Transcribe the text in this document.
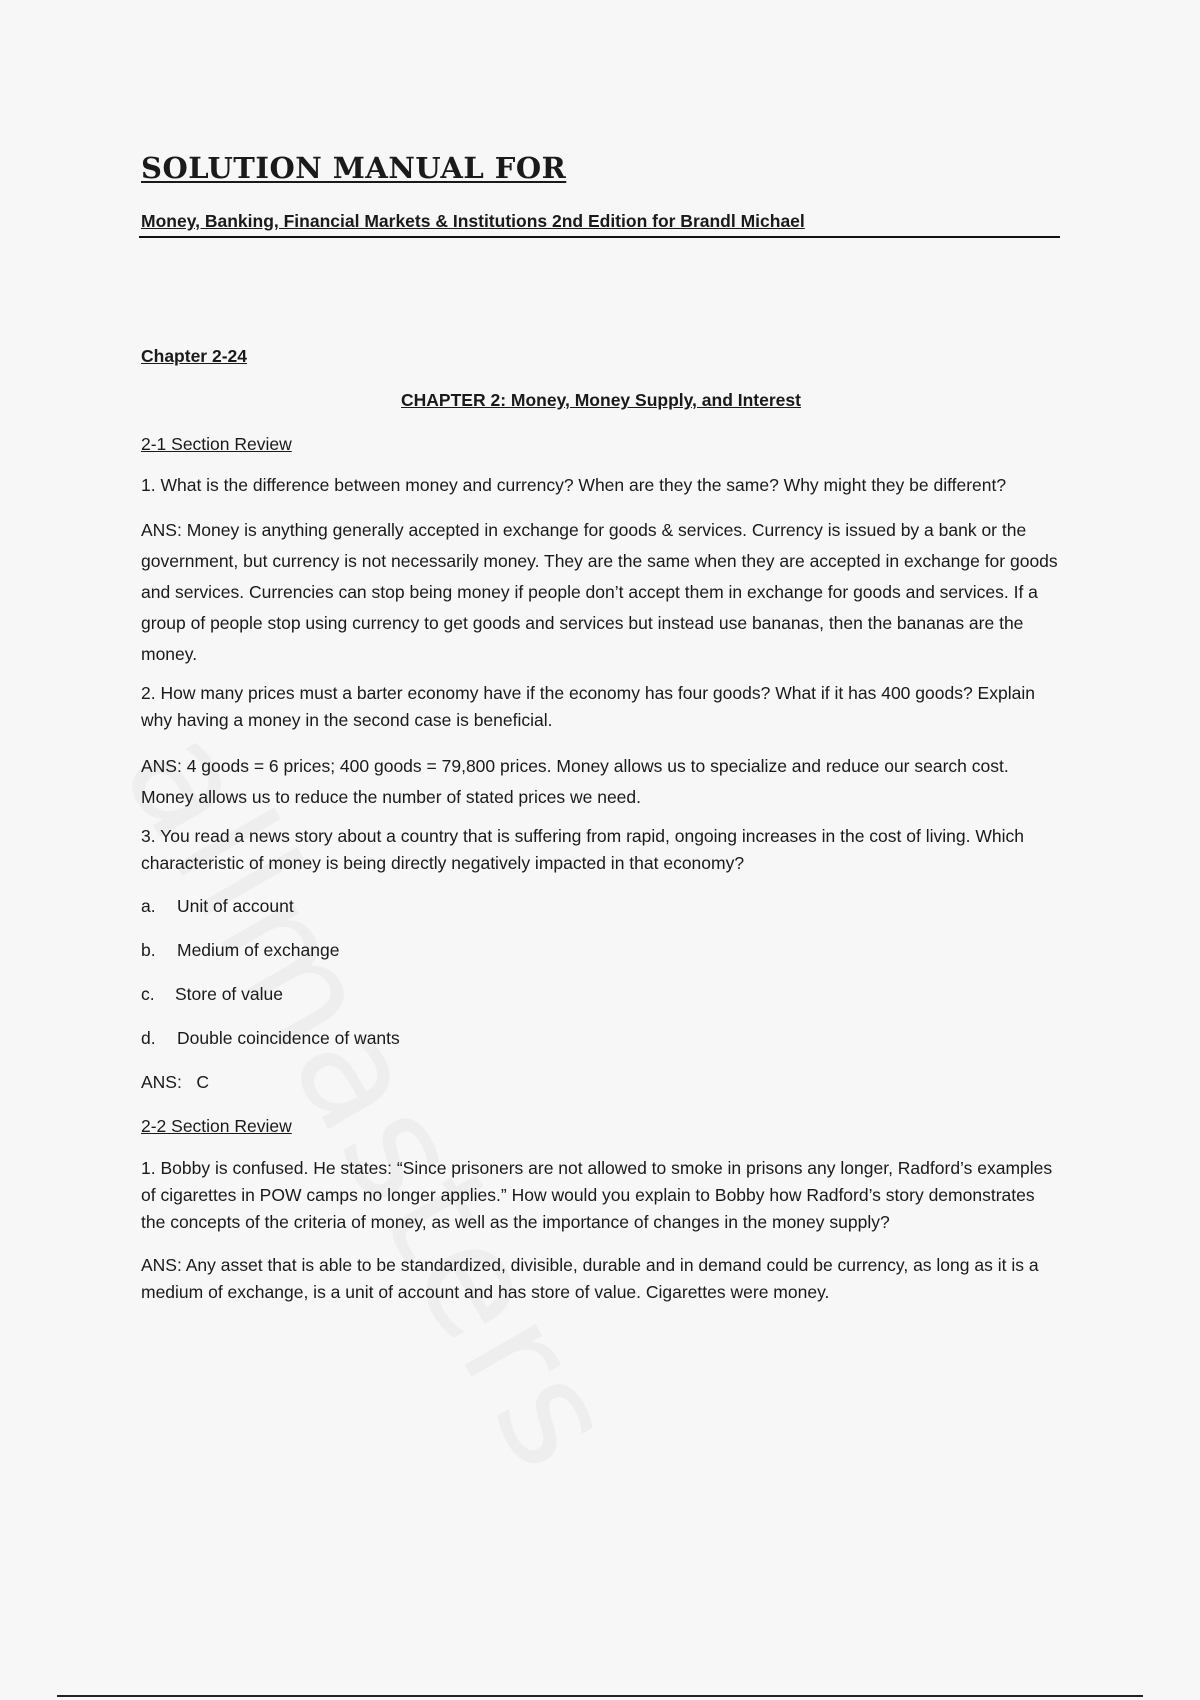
SOLUTION MANUAL FOR
Money, Banking, Financial Markets & Institutions 2nd Edition for Brandl Michael
Chapter 2-24
CHAPTER 2: Money, Money Supply, and Interest
2-1 Section Review

1. What is the difference between money and currency? When are they the same? Why might they be different?

ANS: Money is anything generally accepted in exchange for goods & services. Currency is issued by a bank or the government, but currency is not necessarily money. They are the same when they are accepted in exchange for goods and services. Currencies can stop being money if people don’t accept them in exchange for goods and services. If a group of people stop using currency to get goods and services but instead use bananas, then the bananas are the money.

2. How many prices must a barter economy have if the economy has four goods? What if it has 400 goods? Explain why having a money in the second case is beneficial.

ANS: 4 goods = 6 prices; 400 goods = 79,800 prices. Money allows us to specialize and reduce our search cost. Money allows us to reduce the number of stated prices we need.

3. You read a news story about a country that is suffering from rapid, ongoing increases in the cost of living. Which characteristic of money is being directly negatively impacted in that economy?

a. Unit of account

b. Medium of exchange

c. Store of value

d. Double coincidence of wants

ANS:   C

2-2 Section Review

1. Bobby is confused. He states: “Since prisoners are not allowed to smoke in prisons any longer, Radford’s examples of cigarettes in POW camps no longer applies.” How would you explain to Bobby how Radford’s story demonstrates the concepts of the criteria of money, as well as the importance of changes in the money supply?

ANS: Any asset that is able to be standardized, divisible, durable and in demand could be currency, as long as it is a medium of exchange, is a unit of account and has store of value. Cigarettes were money.
